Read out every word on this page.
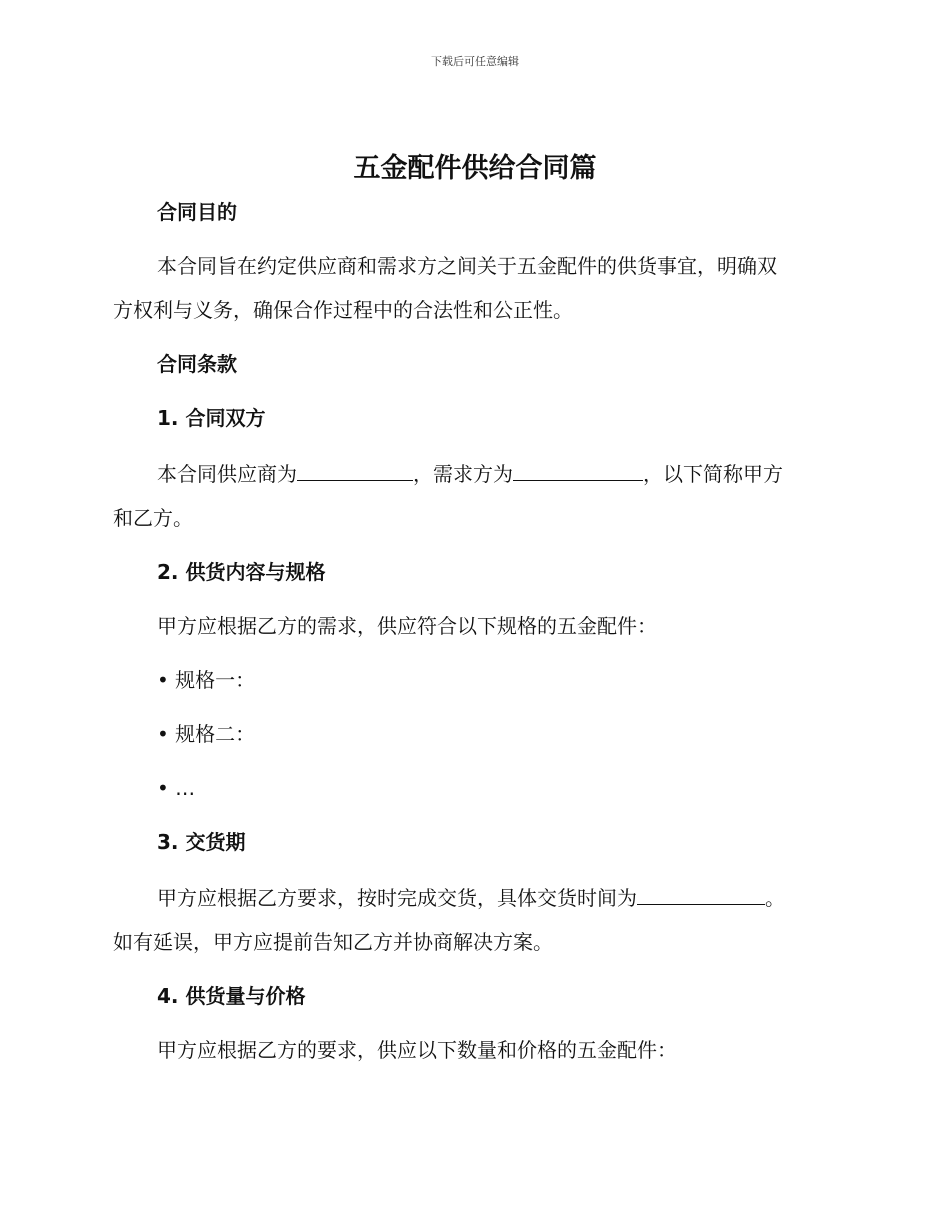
下载后可任意编辑
五金配件供给合同篇
合同目的
本合同旨在约定供应商和需求方之间关于五金配件的供货事宜，明确双
方权利与义务，确保合作过程中的合法性和公正性。
合同条款
1. 合同双方
本合同供应商为	，需求方为	，以下简称甲方
和乙方。
2. 供货内容与规格
甲方应根据乙方的需求，供应符合以下规格的五金配件：
• 规格一：
• 规格二：
• …
3. 交货期
甲方应根据乙方要求，按时完成交货，具体交货时间为	。
如有延误，甲方应提前告知乙方并协商解决方案。
4. 供货量与价格
甲方应根据乙方的要求，供应以下数量和价格的五金配件：
